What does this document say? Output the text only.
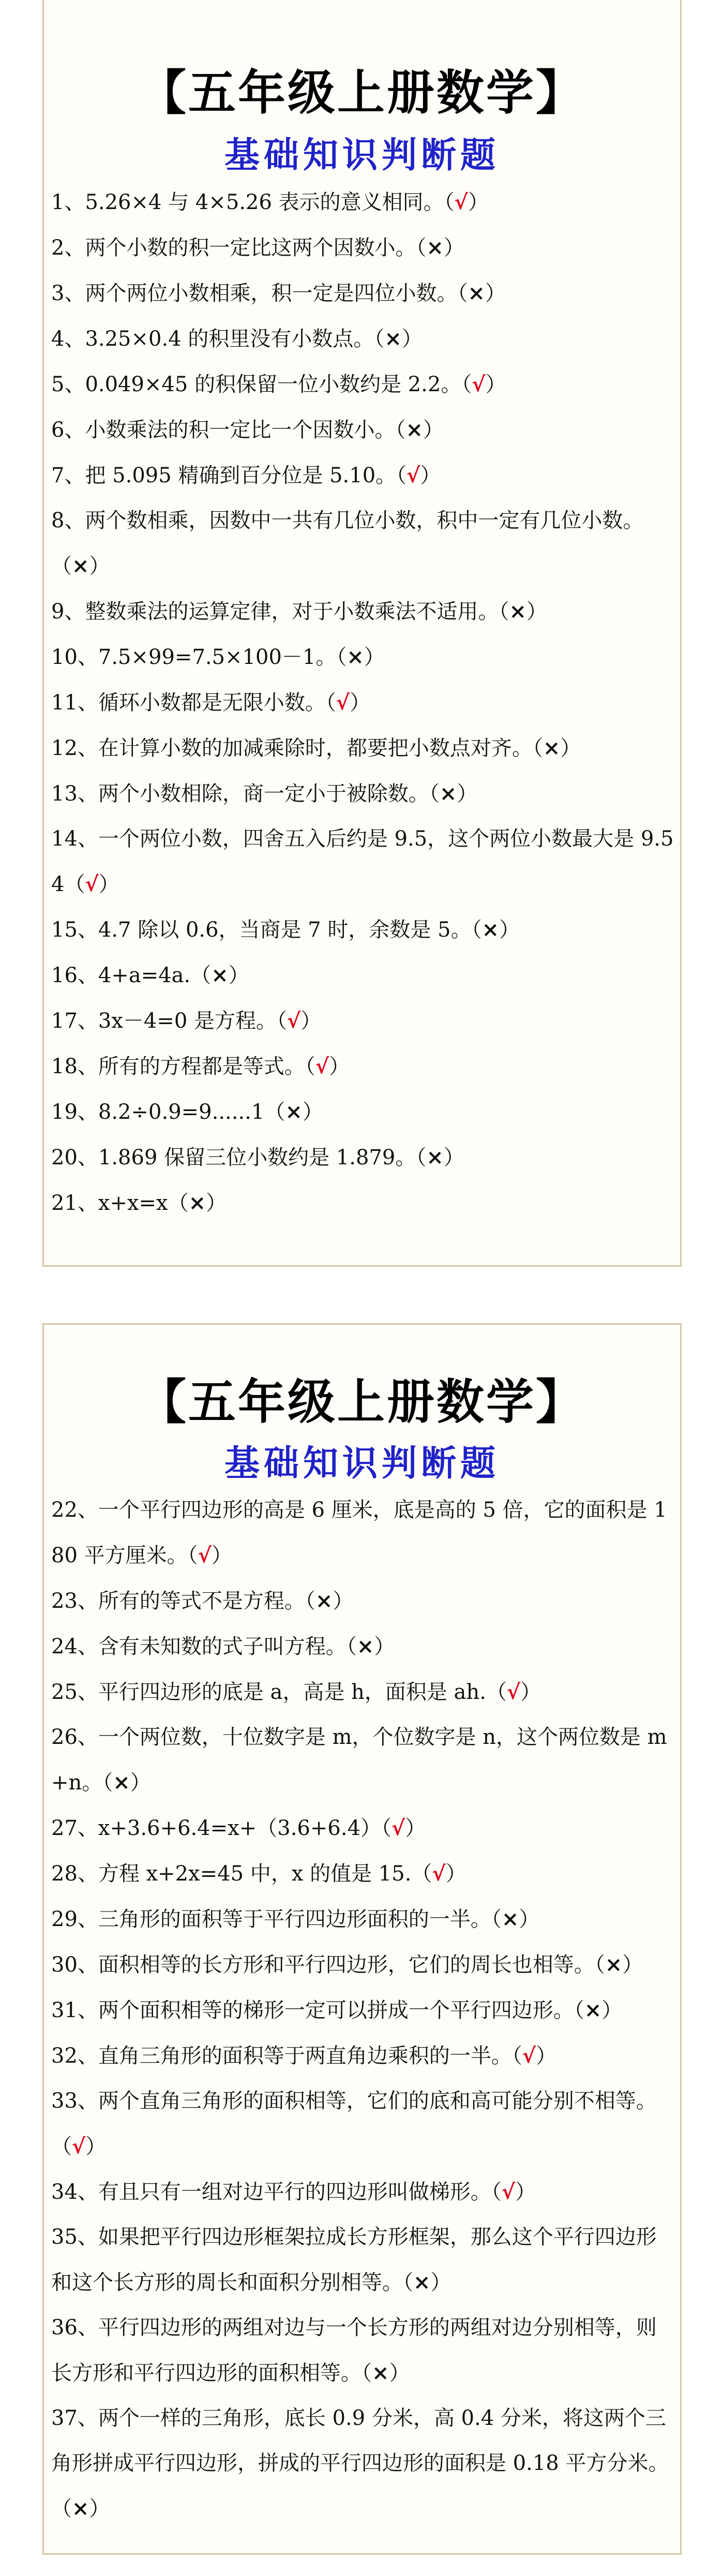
【五年级上册数学】
基础知识判断题
1、5.26×4 与 4×5.26 表示的意义相同。（√）
2、两个小数的积一定比这两个因数小。（×）
3、两个两位小数相乘，积一定是四位小数。（×）
4、3.25×0.4 的积里没有小数点。（×）
5、0.049×45 的积保留一位小数约是 2.2。（√）
6、小数乘法的积一定比一个因数小。（×）
7、把 5.095 精确到百分位是 5.10。（√）
8、两个数相乘，因数中一共有几位小数，积中一定有几位小数。（×）
9、整数乘法的运算定律，对于小数乘法不适用。（×）
10、7.5×99=7.5×100－1。（×）
11、循环小数都是无限小数。（√）
12、在计算小数的加减乘除时，都要把小数点对齐。（×）
13、两个小数相除，商一定小于被除数。（×）
14、一个两位小数，四舍五入后约是 9.5，这个两位小数最大是 9.54（√）
15、4.7 除以 0.6，当商是 7 时，余数是 5。（×）
16、4+a=4a.（×）
17、3x－4=0 是方程。（√）
18、所有的方程都是等式。（√）
19、8.2÷0.9=9......1（×）
20、1.869 保留三位小数约是 1.879。（×）
21、x+x=x（×）
【五年级上册数学】
基础知识判断题
22、一个平行四边形的高是 6 厘米，底是高的 5 倍，它的面积是 180 平方厘米。（√）
23、所有的等式不是方程。（×）
24、含有未知数的式子叫方程。（×）
25、平行四边形的底是 a，高是 h，面积是 ah.（√）
26、一个两位数，十位数字是 m，个位数字是 n，这个两位数是 m+n。（×）
27、x+3.6+6.4=x+（3.6+6.4）（√）
28、方程 x+2x=45 中，x 的值是 15.（√）
29、三角形的面积等于平行四边形面积的一半。（×）
30、面积相等的长方形和平行四边形，它们的周长也相等。（×）
31、两个面积相等的梯形一定可以拼成一个平行四边形。（×）
32、直角三角形的面积等于两直角边乘积的一半。（√）
33、两个直角三角形的面积相等，它们的底和高可能分别不相等。（√）
34、有且只有一组对边平行的四边形叫做梯形。（√）
35、如果把平行四边形框架拉成长方形框架，那么这个平行四边形和这个长方形的周长和面积分别相等。（×）
36、平行四边形的两组对边与一个长方形的两组对边分别相等，则长方形和平行四边形的面积相等。（×）
37、两个一样的三角形，底长 0.9 分米，高 0.4 分米，将这两个三角形拼成平行四边形，拼成的平行四边形的面积是 0.18 平方分米。（×）
